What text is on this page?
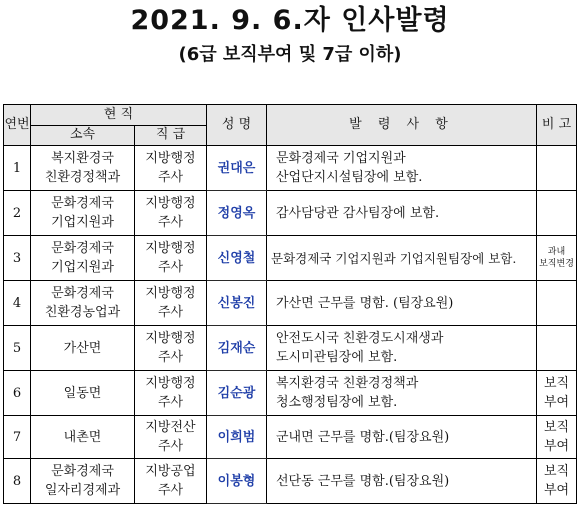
2021. 9. 6.자 인사발령
(6급 보직부여 및 7급 이하)
연번	현 직		성 명	발 령 사 항	비 고
	소속	직 급			
1	복지환경국
친환경정책과	지방행정
주사	권대은	문화경제국 기업지원과
산업단지시설팀장에 보함.	
2	문화경제국
기업지원과	지방행정
주사	정영옥	감사담당관 감사팀장에 보함.	
3	문화경제국
기업지원과	지방행정
주사	신영철	문화경제국 기업지원과 기업지원팀장에 보함.	과내
보직변경
4	문화경제국
친환경농업과	지방행정
주사	신봉진	가산면 근무를 명함. (팀장요원)	
5	가산면	지방행정
주사	김재순	안전도시국 친환경도시재생과
도시미관팀장에 보함.	
6	일동면	지방행정
주사	김순광	복지환경국 친환경정책과
청소행정팀장에 보함.	보직
부여
7	내촌면	지방전산
주사	이희범	군내면 근무를 명함.(팀장요원)	보직
부여
8	문화경제국
일자리경제과	지방공업
주사	이봉형	선단동 근무를 명함.(팀장요원)	보직
부여
